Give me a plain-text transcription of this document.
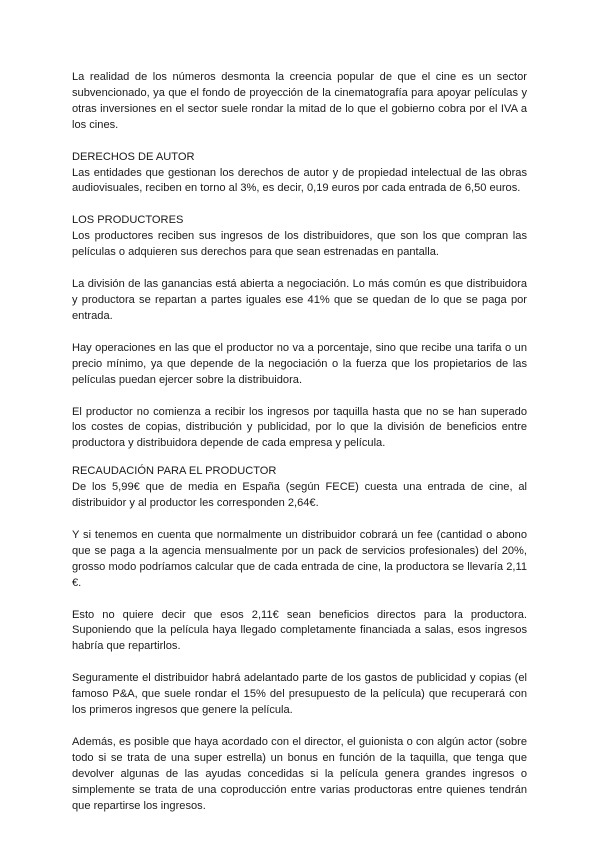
La realidad de los números desmonta la creencia popular de que el cine es un sector subvencionado, ya que el fondo de proyección de la cinematografía para apoyar películas y otras inversiones en el sector suele rondar la mitad de lo que el gobierno cobra por el IVA a los cines.

DERECHOS DE AUTOR

Las entidades que gestionan los derechos de autor y de propiedad intelectual de las obras audiovisuales, reciben en torno al 3%, es decir, 0,19 euros por cada entrada de 6,50 euros.

LOS PRODUCTORES

Los productores reciben sus ingresos de los distribuidores, que son los que compran las películas o adquieren sus derechos para que sean estrenadas en pantalla.

La división de las ganancias está abierta a negociación. Lo más común es que distribuidora y productora se repartan a partes iguales ese 41% que se quedan de lo que se paga por entrada.

Hay operaciones en las que el productor no va a porcentaje, sino que recibe una tarifa o un precio mínimo, ya que depende de la negociación o la fuerza que los propietarios de las películas puedan ejercer sobre la distribuidora.

El productor no comienza a recibir los ingresos por taquilla hasta que no se han superado los costes de copias, distribución y publicidad, por lo que la división de beneficios entre productora y distribuidora depende de cada empresa y película.

RECAUDACIÓN PARA EL PRODUCTOR

De los 5,99€ que de media en España (según FECE) cuesta una entrada de cine, al distribuidor y al productor les corresponden 2,64€.

Y si tenemos en cuenta que normalmente un distribuidor cobrará un fee (cantidad o abono que se paga a la agencia mensualmente por un pack de servicios profesionales) del 20%, grosso modo podríamos calcular que de cada entrada de cine, la productora se llevaría 2,11 €.

Esto no quiere decir que esos 2,11€ sean beneficios directos para la productora. Suponiendo que la película haya llegado completamente financiada a salas, esos ingresos habría que repartirlos.

Seguramente el distribuidor habrá adelantado parte de los gastos de publicidad y copias (el famoso P&A, que suele rondar el 15% del presupuesto de la película) que recuperará con los primeros ingresos que genere la película.

Además, es posible que haya acordado con el director, el guionista o con algún actor (sobre todo si se trata de una super estrella) un bonus en función de la taquilla, que tenga que devolver algunas de las ayudas concedidas si la película genera grandes ingresos o simplemente se trata de una coproducción entre varias productoras entre quienes tendrán que repartirse los ingresos.
